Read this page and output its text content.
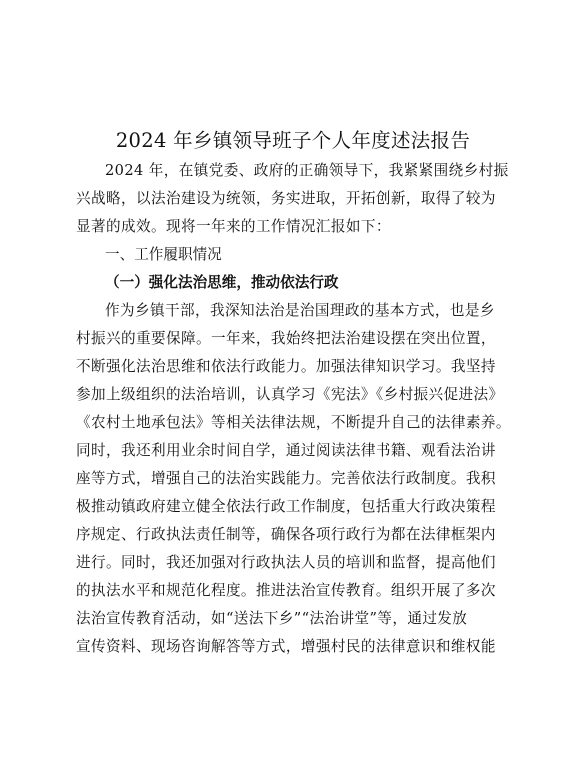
2024 年乡镇领导班子个人年度述法报告
2024 年，在镇党委、政府的正确领导下，我紧紧围绕乡村振
兴战略，以法治建设为统领，务实进取，开拓创新，取得了较为
显著的成效。现将一年来的工作情况汇报如下：
一、工作履职情况
（一）强化法治思维，推动依法行政
作为乡镇干部，我深知法治是治国理政的基本方式，也是乡
村振兴的重要保障。一年来，我始终把法治建设摆在突出位置，
不断强化法治思维和依法行政能力。加强法律知识学习。我坚持
参加上级组织的法治培训，认真学习《宪法》《乡村振兴促进法》
《农村土地承包法》等相关法律法规，不断提升自己的法律素养。
同时，我还利用业余时间自学，通过阅读法律书籍、观看法治讲
座等方式，增强自己的法治实践能力。完善依法行政制度。我积
极推动镇政府建立健全依法行政工作制度，包括重大行政决策程
序规定、行政执法责任制等，确保各项行政行为都在法律框架内
进行。同时，我还加强对行政执法人员的培训和监督，提高他们
的执法水平和规范化程度。推进法治宣传教育。组织开展了多次
法治宣传教育活动，如“送法下乡”“法治讲堂”等，通过发放
宣传资料、现场咨询解答等方式，增强村民的法律意识和维权能
